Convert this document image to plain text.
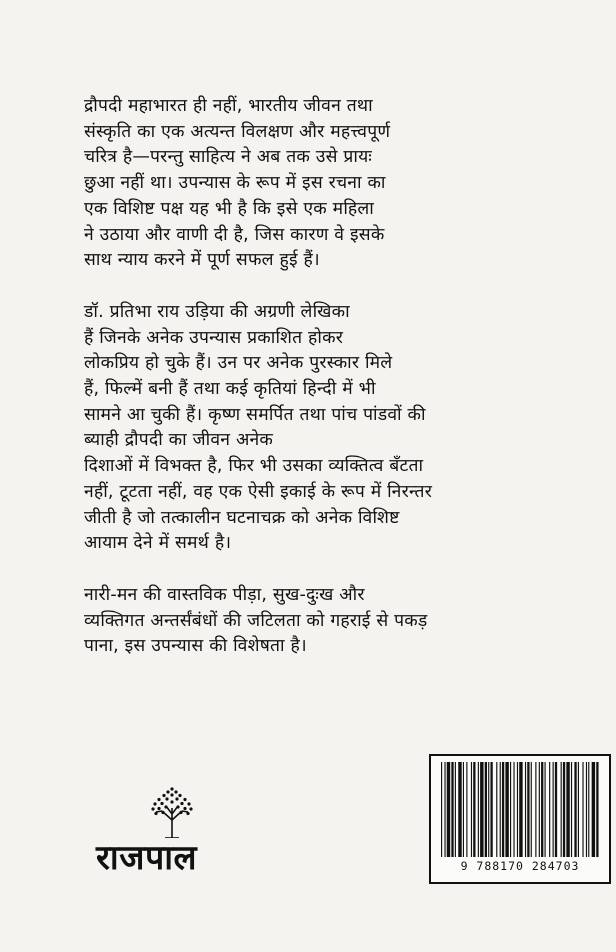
द्रौपदी महाभारत ही नहीं, भारतीय जीवन तथा
संस्कृति का एक अत्यन्त विलक्षण और महत्त्वपूर्ण
चरित्र है—परन्तु साहित्य ने अब तक उसे प्रायः
छुआ नहीं था। उपन्यास के रूप में इस रचना का
एक विशिष्ट पक्ष यह भी है कि इसे एक महिला
ने उठाया और वाणी दी है, जिस कारण वे इसके
साथ न्याय करने में पूर्ण सफल हुई हैं।
डॉ. प्रतिभा राय उड़िया की अग्रणी लेखिका
हैं जिनके अनेक उपन्यास प्रकाशित होकर
लोकप्रिय हो चुके हैं। उन पर अनेक पुरस्कार मिले
हैं, फिल्में बनी हैं तथा कई कृतियां हिन्दी में भी
सामने आ चुकी हैं। कृष्ण समर्पित तथा पांच पांडवों की
ब्याही द्रौपदी का जीवन अनेक
दिशाओं में विभक्त है, फिर भी उसका व्यक्तित्व बँटता
नहीं, टूटता नहीं, वह एक ऐसी इकाई के रूप में निरन्तर
जीती है जो तत्कालीन घटनाचक्र को अनेक विशिष्ट
आयाम देने में समर्थ है।
नारी-मन की वास्तविक पीड़ा, सुख-दुःख और
व्यक्तिगत अन्तर्संबंधों की जटिलता को गहराई से पकड़
पाना, इस उपन्यास की विशेषता है।
राजपाल	9 788170 284703
